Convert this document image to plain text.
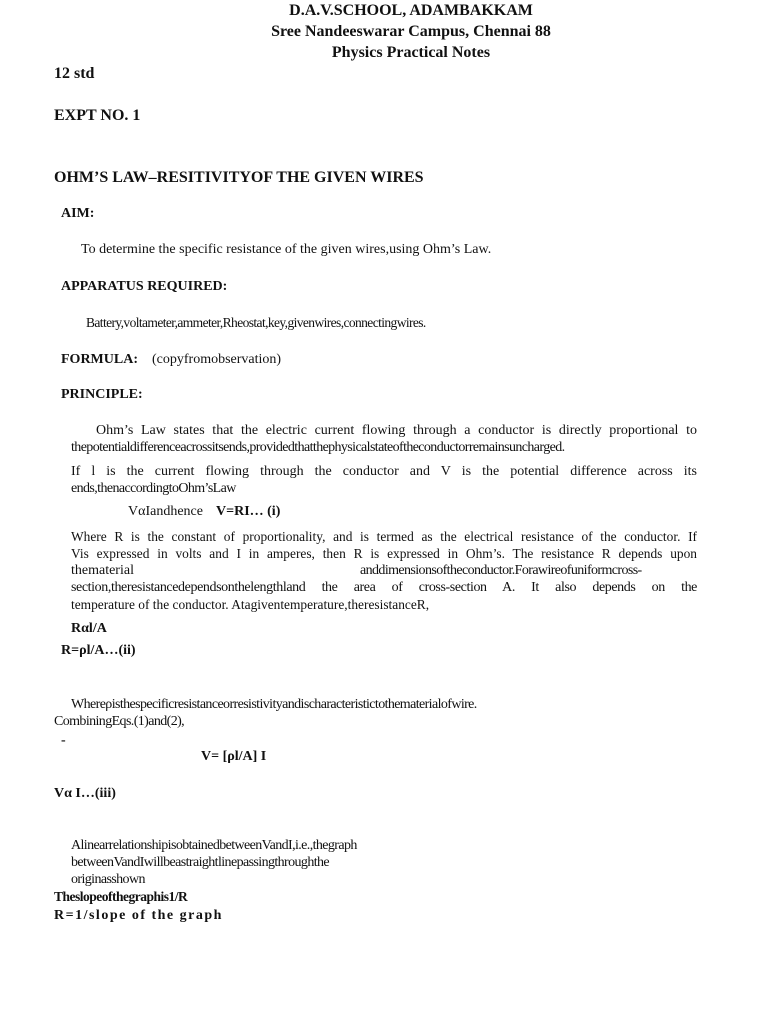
D.A.V.SCHOOL, ADAMBAKKAM
Sree Nandeeswarar Campus, Chennai 88
Physics Practical Notes
12 std
EXPT NO. 1
OHM’S LAW–RESITIVITYOF THE GIVEN WIRES
AIM:
To determine the specific resistance of the given wires,using Ohm’s Law.
APPARATUS REQUIRED:
Battery,voltameter,ammeter,Rheostat,key,givenwires,connectingwires.
FORMULA: (copyfromobservation)
PRINCIPLE:
Ohm’s Law states that the electric current flowing through a conductor is directly proportional to
thepotentialdifferenceacrossitsends,providedthatthe physicalstateofthe conductorremainsuncharged.
If l is the current flowing through the conductor and V is the potential difference across its
ends,thenaccordingtoOhm’sLaw
VαIandhence V=RI… (i)
Where R is the constant of proportionality, and is termed as the electrical resistance of the conductor. If
Vis expressed in volts and I in amperes, then R is expressed in Ohm’s. The resistance R depends upon
thematerial	anddimensionsoftheconductor.Forawireofuniformcross-
section,theresistancedependsonthelengthland the area of cross-section A. It also depends on the
temperature of the conductor. Atagiventemperature,theresistanceR,
Rαl/A
R=ρl/A…(ii)
Whereρisthespecificresistanceorresistivityandischaracteristictothe materialofwire.
CombiningEqs.(1)and(2),
-
V= [ρl/A] I
Vα I…(iii)
AlinearrelationshipisobtainedbetweenVandI,i.e.,thegraph
betweenVand Iwillbeastraightlinepassingthroughthe
originasshown
Theslopeofthegraphis1/R
R=1/slope of the graph
